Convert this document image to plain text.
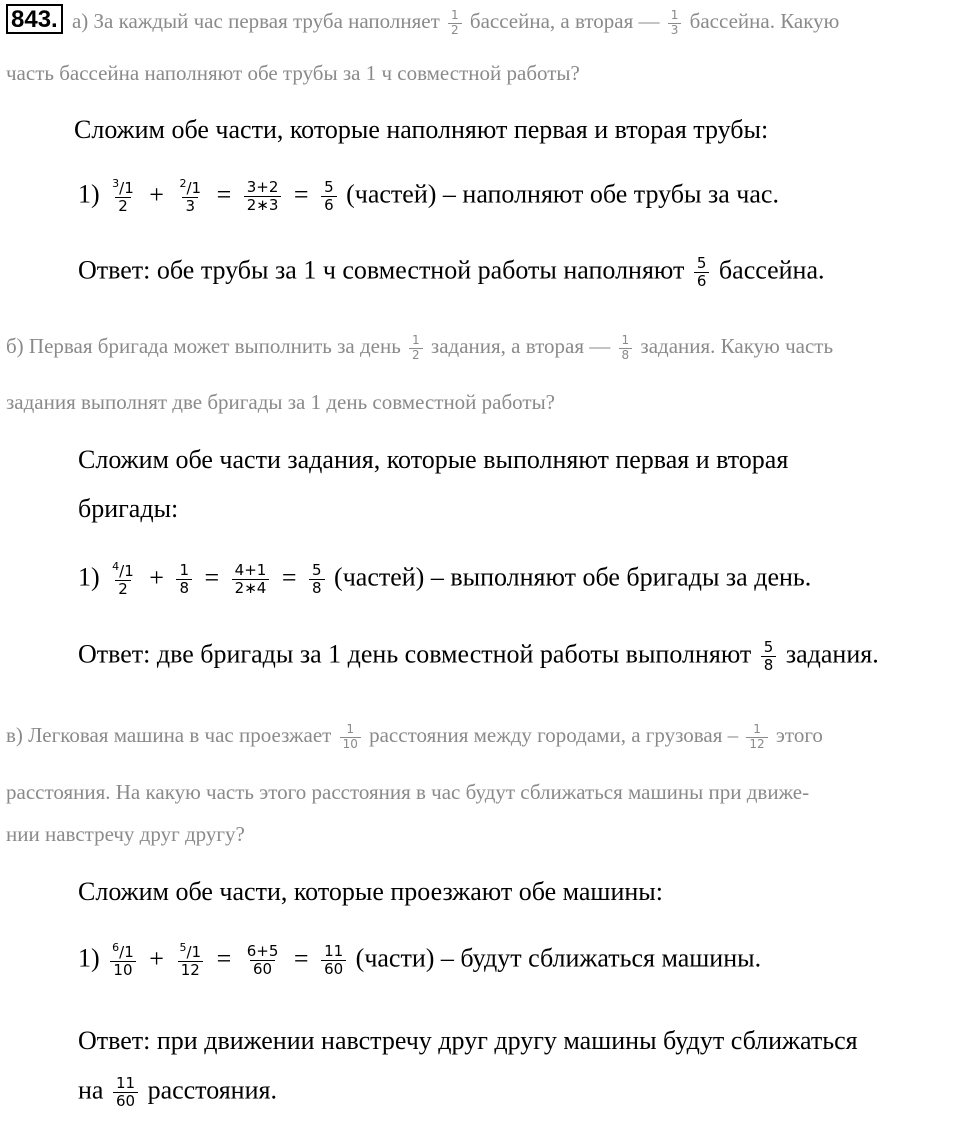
843. а) За каждый час первая труба наполняет $\frac{1}{2}$ бассейна, а вторая — $\frac{1}{3}$ бассейна. Какую
часть бассейна наполняют обе трубы за 1 ч совместной работы?
Сложим обе части, которые наполняют первая и вторая трубы:
$1) \frac{^3/1}{2} + \frac{^2/1}{3} = \frac{3+2}{2∗3} = \frac{5}{6}$ (частей) – наполняют обе трубы за час.
Ответ: обе трубы за 1 ч совместной работы наполняют $\frac{5}{6}$ бассейна.
б) Первая бригада может выполнить за день $\frac{1}{2}$ задания, а вторая — $\frac{1}{8}$ задания. Какую часть
задания выполнят две бригады за 1 день совместной работы?
Сложим обе части задания, которые выполняют первая и вторая
бригады:
$1) \frac{^4/1}{2} + \frac{1}{8} = \frac{4+1}{2∗4} = \frac{5}{8}$ (частей) – выполняют обе бригады за день.
Ответ: две бригады за 1 день совместной работы выполняют $\frac{5}{8}$ задания.
в) Легковая машина в час проезжает $\frac{1}{10}$ расстояния между городами, а грузовая – $\frac{1}{12}$ этого
расстояния. На какую часть этого расстояния в час будут сближаться машины при движе-
нии навстречу друг другу?
Сложим обе части, которые проезжают обе машины:
$1) \frac{^6/1}{10} + \frac{^5/1}{12} = \frac{6+5}{60} = \frac{11}{60}$ (части) – будут сближаться машины.
Ответ: при движении навстречу друг другу машины будут сближаться
на $\frac{11}{60}$ расстояния.
